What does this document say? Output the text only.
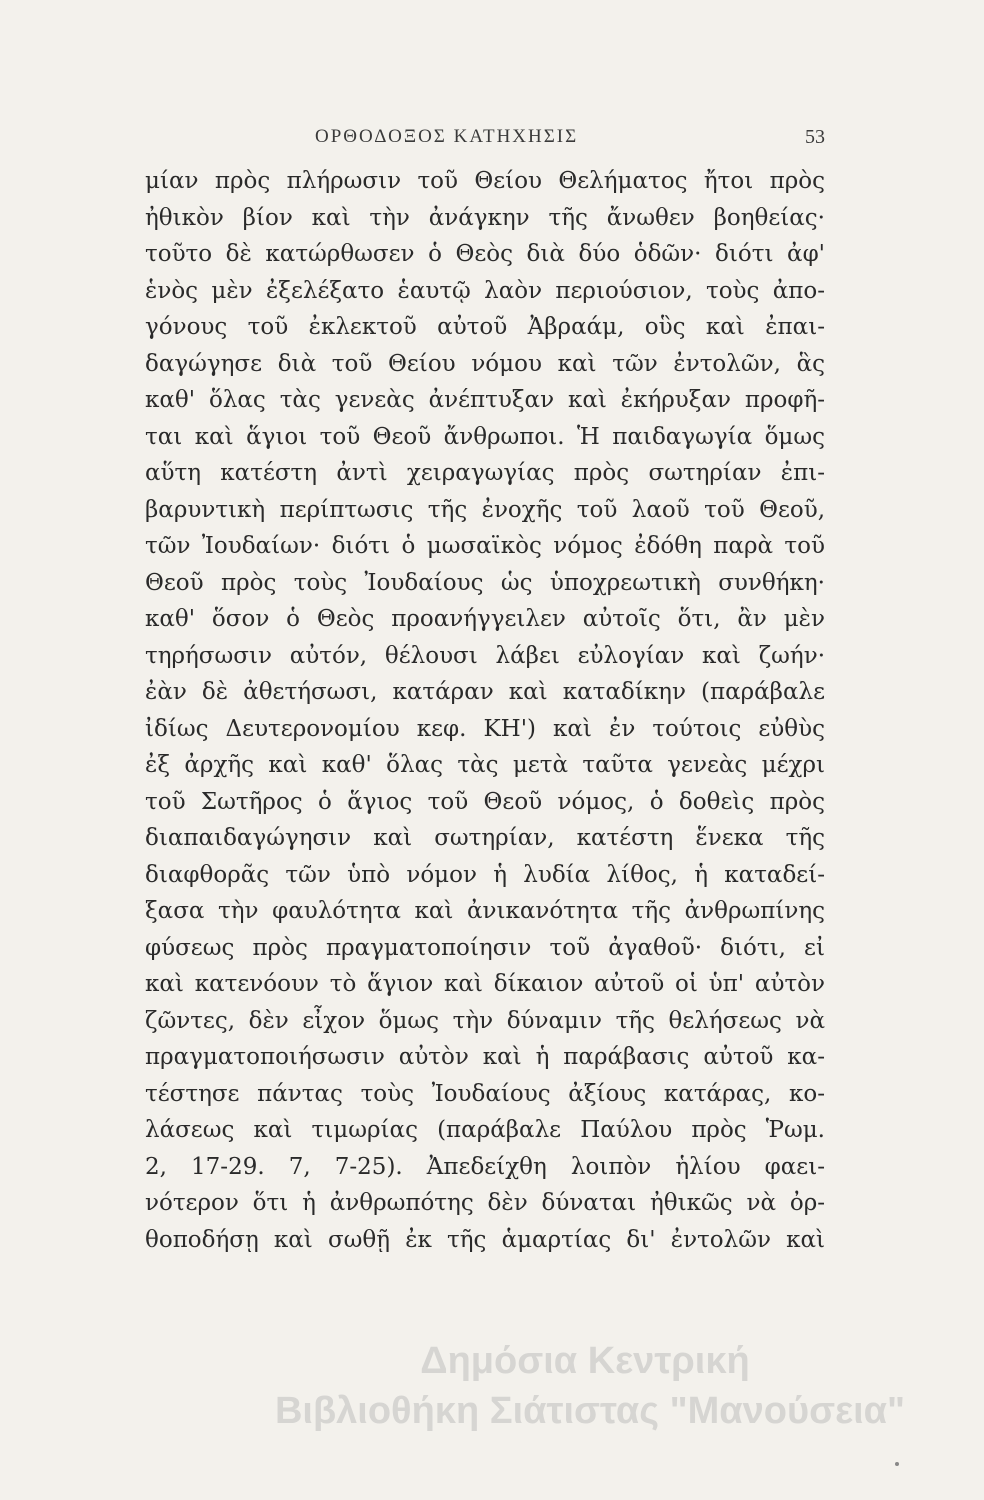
ΟΡΘΟΔΟΞΟΣ ΚΑΤΗΧΗΣΙΣ	53
μίαν πρὸς πλήρωσιν τοῦ Θείου Θελήματος ἤτοι πρὸς
ἠθικὸν βίον καὶ τὴν ἀνάγκην τῆς ἄνωθεν βοηθείας·
τοῦτο δὲ κατώρθωσεν ὁ Θεὸς διὰ δύο ὁδῶν· διότι ἀφ'
ἑνὸς μὲν ἐξελέξατο ἑαυτῷ λαὸν περιούσιον, τοὺς ἀπο-
γόνους τοῦ ἐκλεκτοῦ αὐτοῦ Ἀβραάμ, οὓς καὶ ἐπαι-
δαγώγησε διὰ τοῦ Θείου νόμου καὶ τῶν ἐντολῶν, ἃς
καθ' ὅλας τὰς γενεὰς ἀνέπτυξαν καὶ ἐκήρυξαν προφῆ-
ται καὶ ἅγιοι τοῦ Θεοῦ ἄνθρωποι. Ἡ παιδαγωγία ὅμως
αὕτη κατέστη ἀντὶ χειραγωγίας πρὸς σωτηρίαν ἐπι-
βαρυντικὴ περίπτωσις τῆς ἐνοχῆς τοῦ λαοῦ τοῦ Θεοῦ,
τῶν Ἰουδαίων· διότι ὁ μωσαϊκὸς νόμος ἐδόθη παρὰ τοῦ
Θεοῦ πρὸς τοὺς Ἰουδαίους ὡς ὑποχρεωτικὴ συνθήκη·
καθ' ὅσον ὁ Θεὸς προανήγγειλεν αὐτοῖς ὅτι, ἂν μὲν
τηρήσωσιν αὐτόν, θέλουσι λάβει εὐλογίαν καὶ ζωήν·
ἐὰν δὲ ἀθετήσωσι, κατάραν καὶ καταδίκην (παράβαλε
ἰδίως Δευτερονομίου κεφ. ΚΗ') καὶ ἐν τούτοις εὐθὺς
ἐξ ἀρχῆς καὶ καθ' ὅλας τὰς μετὰ ταῦτα γενεὰς μέχρι
τοῦ Σωτῆρος ὁ ἅγιος τοῦ Θεοῦ νόμος, ὁ δοθεὶς πρὸς
διαπαιδαγώγησιν καὶ σωτηρίαν, κατέστη ἕνεκα τῆς
διαφθορᾶς τῶν ὑπὸ νόμον ἡ λυδία λίθος, ἡ καταδεί-
ξασα τὴν φαυλότητα καὶ ἀνικανότητα τῆς ἀνθρωπίνης
φύσεως πρὸς πραγματοποίησιν τοῦ ἀγαθοῦ· διότι, εἰ
καὶ κατενόουν τὸ ἅγιον καὶ δίκαιον αὐτοῦ οἱ ὑπ' αὐτὸν
ζῶντες, δὲν εἶχον ὅμως τὴν δύναμιν τῆς θελήσεως νὰ
πραγματοποιήσωσιν αὐτὸν καὶ ἡ παράβασις αὐτοῦ κα-
τέστησε πάντας τοὺς Ἰουδαίους ἀξίους κατάρας, κο-
λάσεως καὶ τιμωρίας (παράβαλε Παύλου πρὸς Ῥωμ.
2, 17-29. 7, 7-25). Ἀπεδείχθη λοιπὸν ἡλίου φαει-
νότερον ὅτι ἡ ἀνθρωπότης δὲν δύναται ἠθικῶς νὰ ὀρ-
θοποδήσῃ καὶ σωθῇ ἐκ τῆς ἁμαρτίας δι' ἐντολῶν καὶ
Δημόσια Κεντρική
Βιβλιοθήκη Σιάτιστας "Μανούσεια"
